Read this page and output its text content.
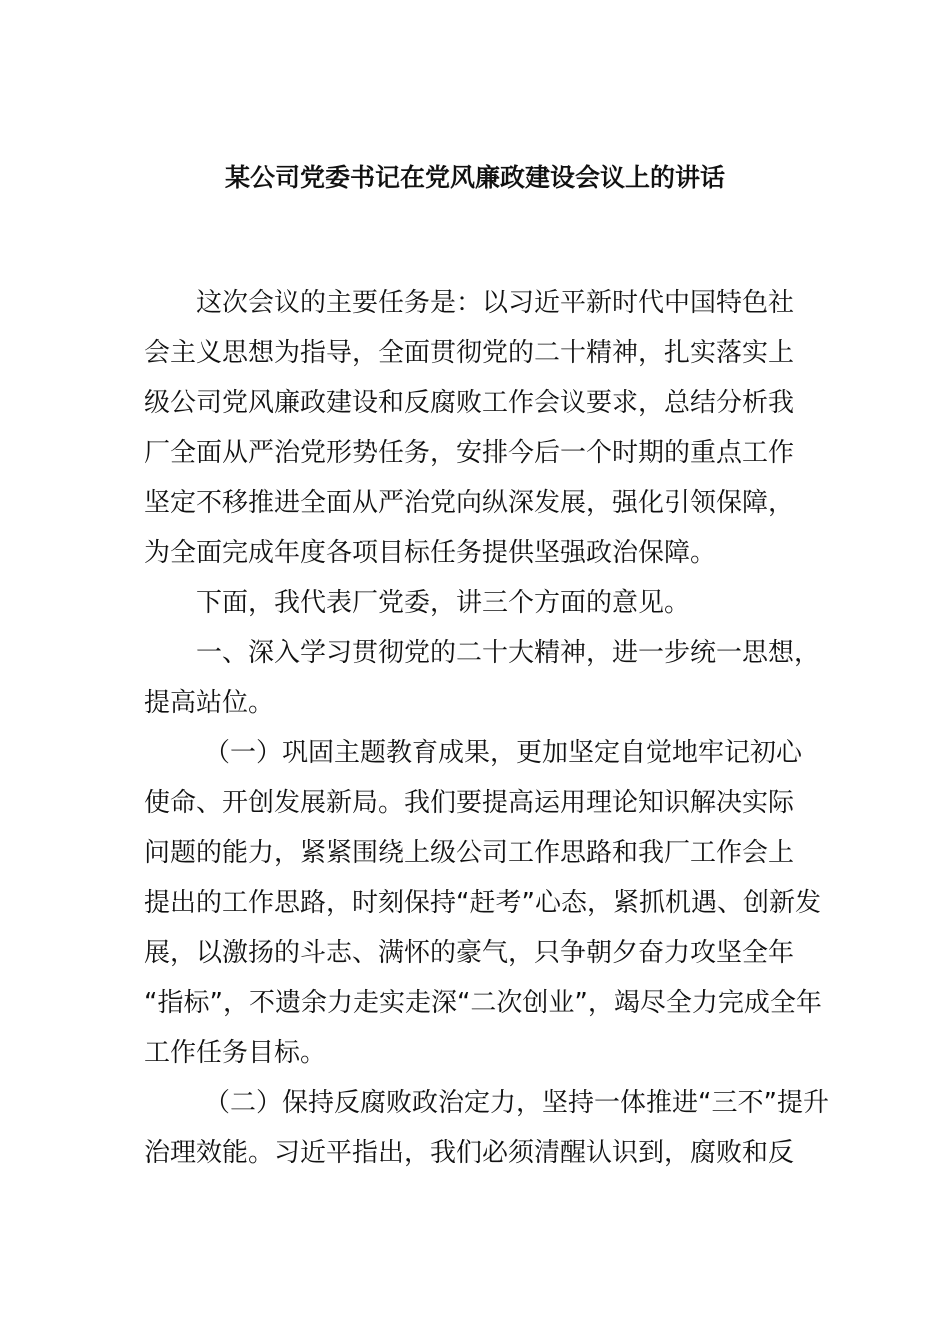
某公司党委书记在党风廉政建设会议上的讲话
这次会议的主要任务是：以习近平新时代中国特色社
会主义思想为指导，全面贯彻党的二十精神，扎实落实上
级公司党风廉政建设和反腐败工作会议要求，总结分析我
厂全面从严治党形势任务，安排今后一个时期的重点工作
坚定不移推进全面从严治党向纵深发展，强化引领保障，
为全面完成年度各项目标任务提供坚强政治保障。
下面，我代表厂党委，讲三个方面的意见。
一、深入学习贯彻党的二十大精神，进一步统一思想，
提高站位。
（一）巩固主题教育成果，更加坚定自觉地牢记初心
使命、开创发展新局。我们要提高运用理论知识解决实际
问题的能力，紧紧围绕上级公司工作思路和我厂工作会上
提出的工作思路，时刻保持“赶考”心态，紧抓机遇、创新发
展，以激扬的斗志、满怀的豪气，只争朝夕奋力攻坚全年
“指标”，不遗余力走实走深“二次创业”，竭尽全力完成全年
工作任务目标。
（二）保持反腐败政治定力，坚持一体推进“三不”提升
治理效能。习近平指出，我们必须清醒认识到，腐败和反
